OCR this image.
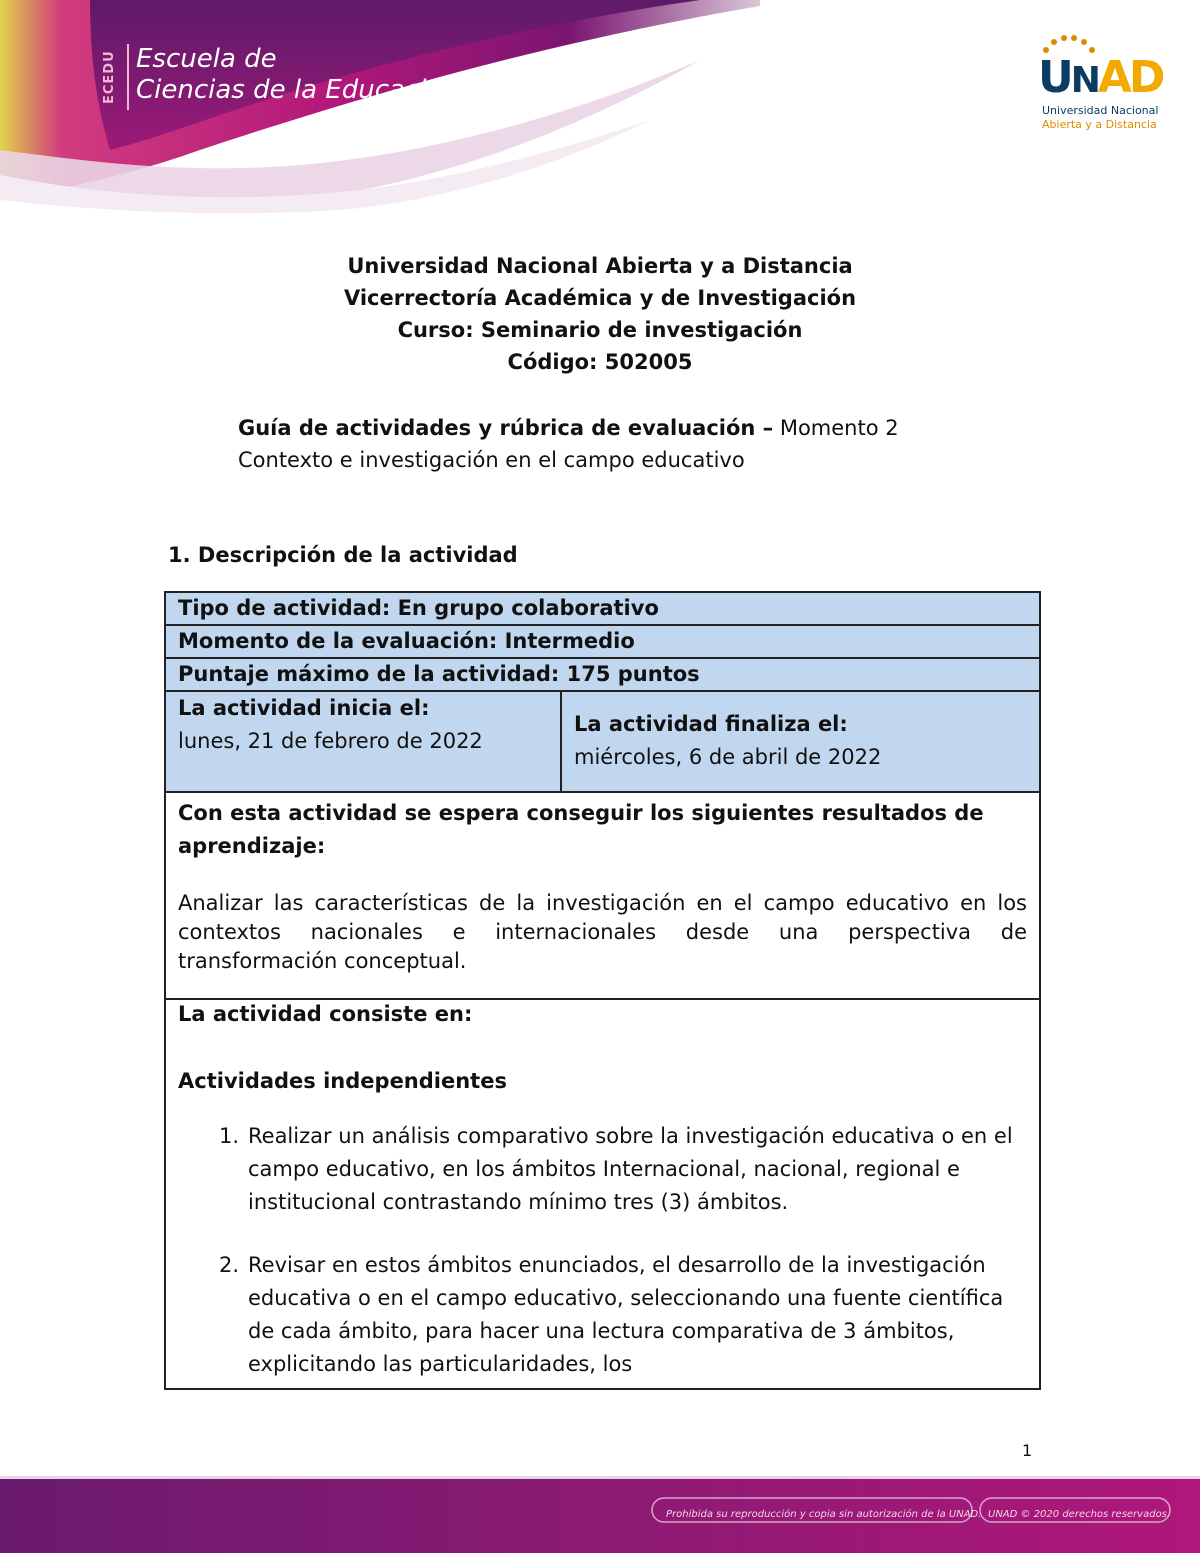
ECEDU Escuela de
Ciencias de la Educación	UNAD
Universidad Nacional
Abierta y a Distancia
Universidad Nacional Abierta y a Distancia
Vicerrectoría Académica y de Investigación
Curso: Seminario de investigación
Código: 502005
Guía de actividades y rúbrica de evaluación – Momento 2
Contexto e investigación en el campo educativo
1. Descripción de la actividad
Tipo de actividad: En grupo colaborativo
Momento de la evaluación: Intermedio
Puntaje máximo de la actividad: 175 puntos
La actividad inicia el:
lunes, 21 de febrero de 2022
La actividad finaliza el:
miércoles, 6 de abril de 2022
Con esta actividad se espera conseguir los siguientes resultados de aprendizaje:
Analizar las características de la investigación en el campo educativo en los contextos nacionales e internacionales desde una perspectiva de transformación conceptual.
La actividad consiste en:
Actividades independientes
1. Realizar un análisis comparativo sobre la investigación educativa o en el campo educativo, en los ámbitos Internacional, nacional, regional e institucional contrastando mínimo tres (3) ámbitos.
2. Revisar en estos ámbitos enunciados, el desarrollo de la investigación educativa o en el campo educativo, seleccionando una fuente científica de cada ámbito, para hacer una lectura comparativa de 3 ámbitos, explicitando las particularidades, los
1
Prohibida su reproducción y copia sin autorización de la UNAD. UNAD © 2020 derechos reservados.
